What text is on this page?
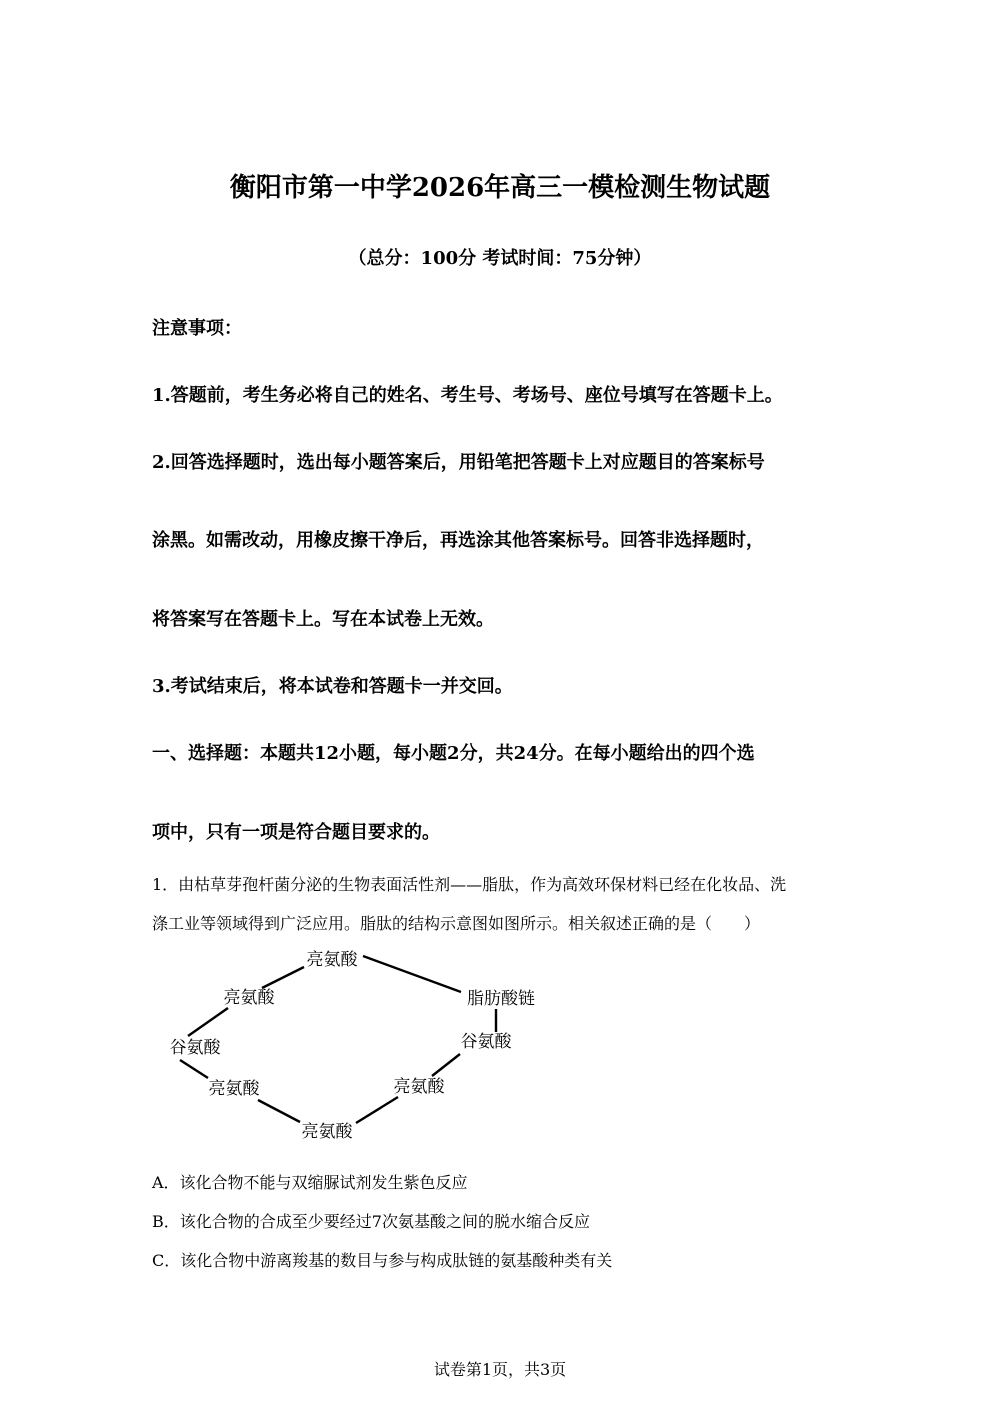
衡阳市第一中学2026年高三一模检测生物试题
（总分：100分 考试时间：75分钟）
注意事项：
1.答题前，考生务必将自己的姓名、考生号、考场号、座位号填写在答题卡上。
2.回答选择题时，选出每小题答案后，用铅笔把答题卡上对应题目的答案标号
涂黑。如需改动，用橡皮擦干净后，再选涂其他答案标号。回答非选择题时，
将答案写在答题卡上。写在本试卷上无效。
3.考试结束后，将本试卷和答题卡一并交回。
一、选择题：本题共12小题，每小题2分，共24分。在每小题给出的四个选
项中，只有一项是符合题目要求的。
1．由枯草芽孢杆菌分泌的生物表面活性剂——脂肽，作为高效环保材料已经在化妆品、洗
涤工业等领域得到广泛应用。脂肽的结构示意图如图所示。相关叙述正确的是（　　）
亮氨酸
亮氨酸
谷氨酸
亮氨酸
亮氨酸
亮氨酸
谷氨酸
脂肪酸链
A．该化合物不能与双缩脲试剂发生紫色反应
B．该化合物的合成至少要经过7次氨基酸之间的脱水缩合反应
C．该化合物中游离羧基的数目与参与构成肽链的氨基酸种类有关
试卷第1页，共3页
